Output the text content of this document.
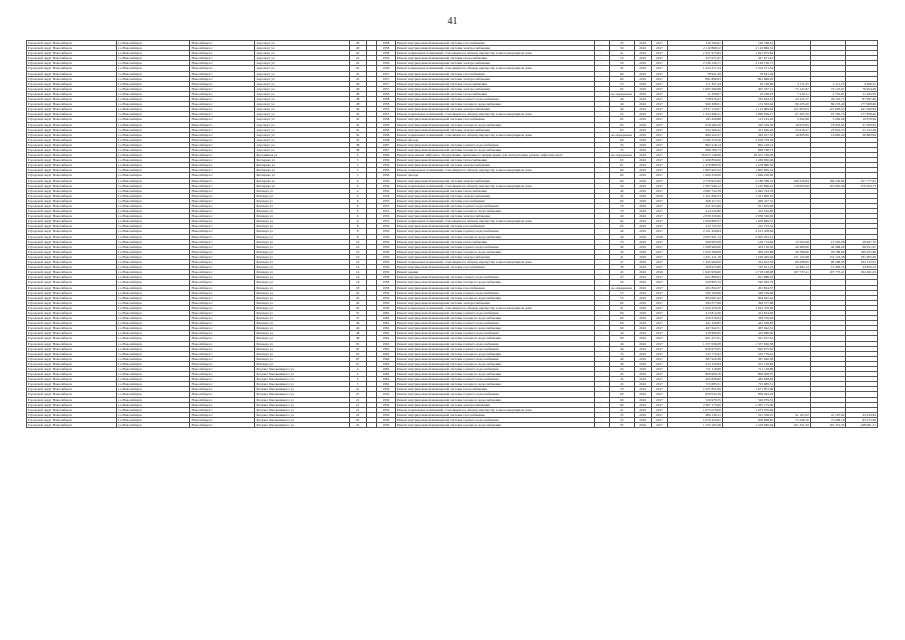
41
Городской округ Новосибирск	г.о.Новосибирск	Новосибирск г	Аэропорт ул	20		1958	Ремонт внутридомовой инженерной системы газоснабжения	-	25	2016	2017	126 766,61	126 766,61			
Городской округ Новосибирск	г.о.Новосибирск	Новосибирск г	Аэропорт ул	20		1958	Ремонт внутридомовой инженерной системы электроснабжения	-	50	2016	2017	2 110 868,52	2 110 868,52			
Городской округ Новосибирск	г.о.Новосибирск	Новосибирск г	Аэропорт ул	20		1958	Ремонт подвальных помещений, относящихся к общему имуществу в многоквартирном доме	-	41	2016	2017	1 921 975,84	1 921 975,84			
Городской округ Новосибирск	г.о.Новосибирск	Новосибирск г	Аэропорт ул	22		1956	Ремонт внутридомовой инженерной системы теплоснабжения	-	70	2016	2017	327 671,67	327 671,67			
Городской округ Новосибирск	г.о.Новосибирск	Новосибирск г	Аэропорт ул	22		1956	Ремонт внутридомовой инженерной системы электроснабжения	-	50	2016	2017	2 126 136,71	2 126 136,71			
Городской округ Новосибирск	г.о.Новосибирск	Новосибирск г	Аэропорт ул	22		1956	Ремонт подвальных помещений, относящихся к общему имуществу в многоквартирном доме	-	45	2016	2017	1 254 271,34	1 254 271,34			
Городской округ Новосибирск	г.о.Новосибирск	Новосибирск г	Аэропорт ул	25		1957	Ремонт внутридомовой инженерной системы газоснабжения	-	60	2016	2017	78 941,49	78 941,49			
Городской округ Новосибирск	г.о.Новосибирск	Новосибирск г	Аэропорт ул	25		1957	Ремонт внутридомовой инженерной системы электроснабжения	-	60	2016	2017	891 899,93	891 899,93			
Городской округ Новосибирск	г.о.Новосибирск	Новосибирск г	Аэропорт ул	26		1957	Ремонт внутридомовой инженерной системы теплоснабжения	-	55	2016	2017	171 307,44	26 726,09	2 111,25	2 111,25	4 296,25
Городской округ Новосибирск	г.о.Новосибирск	Новосибирск г	Аэропорт ул	26		1957	Ремонт внутридомовой инженерной системы электроснабжения	-	65	2016	2017	1 665 566,88	407 437,12	75 147,67	75 147,67	76 954,09
Городской округ Новосибирск	г.о.Новосибирск	Новосибирск г	Аэропорт ул	28		1958	Ремонт внутридомовой инженерной системы теплоснабжения	-	не определена	2016	2017	11 458,07	10 238,01	7 210,11	2 701,61	11 495,29
Городской округ Новосибирск	г.о.Новосибирск	Новосибирск г	Аэропорт ул	28		1958	Ремонт внутридомовой инженерной системы горячего водоснабжения	-	40	2016	2017	758 676,43	335 624,52	44 125,77	43 125,77	87 997,66
Городской округ Новосибирск	г.о.Новосибирск	Новосибирск г	Аэропорт ул	28		1958	Ремонт внутридомовой инженерной системы холодного водоснабжения	-	40	2016	2017	966 398,01	131 363,04	80 233,20	80 233,20	177 908,96
Городской округ Новосибирск	г.о.Новосибирск	Новосибирск г	Аэропорт ул	30		1955	Ремонт внутридомовой инженерной системы электроснабжения	-	40	2016	2017	2 817 119,07	1 112 669,63	121 603,03	121 603,03	241 260,84
Городской округ Новосибирск	г.о.Новосибирск	Новосибирск г	Аэропорт ул	30		1955	Ремонт подвальных помещений, относящихся к общему имуществу в многоквартирном доме	-	25	2016	2017	1 454 296,31	1 096 959,27	67 265,70	67 265,70	177 858,40
Городской округ Новосибирск	г.о.Новосибирск	Новосибирск г	Аэропорт ул	32		1958	Ремонт внутридомовой инженерной системы газоснабжения	-	65	2016	2017	185 456,88	115 191,26	5 292,96	5 292,96	10 679,64
Городской округ Новосибирск	г.о.Новосибирск	Новосибирск г	Аэропорт ул	32		1958	Ремонт внутридомовой инженерной системы холодного водоснабжения	-	65	2016	2017	818 266,30	320 529,36	18 933,65	18 933,65	37 200,63
Городской округ Новосибирск	г.о.Новосибирск	Новосибирск г	Аэропорт ул	32		1958	Ремонт внутридомовой инженерной системы электроснабжения	-	65	2016	2017	452 590,42	321 026,20	23 616,27	23 616,27	51 122,29
Городской округ Новосибирск	г.о.Новосибирск	Новосибирск г	Аэропорт ул	32		1958	Ремонт подвальных помещений, относящихся к общему имуществу в многоквартирном доме	-	не определена	2016	2017	869 222,27	264 917,33	16 895,00	16 895,00	30 882,94
Городской округ Новосибирск	г.о.Новосибирск	Новосибирск г	Аэропорт ул	34		1958	Ремонт фасада	-	60	2016	2017	2 209 379,56	2 209 379,56			
Городской округ Новосибирск	г.о.Новосибирск	Новосибирск г	Аэропорт ул	38		1967	Ремонт внутридомовой инженерной системы горячего водоснабжения	-	35	2016	2017	862 218,14	862 218,14			
Городской округ Новосибирск	г.о.Новосибирск	Новосибирск г	Аэропорт ул	38		1967	Ремонт внутридомовой инженерной системы холодного водоснабжения	-	35	2016	2017	668 766,73	668 766,73			
Городской округ Новосибирск	г.о.Новосибирск	Новосибирск г	Бесединная ул	4		1969	Ремонт или замена лифтового оборудования, признанного непригодным для эксплуатации, ремонт лифтовых шахт	-	не определена	2016	2017	26 672 749,09	26 672 749,09			
Городской округ Новосибирск	г.о.Новосибирск	Новосибирск г	Бехтерева ул	3		1956	Ремонт внутридомовой инженерной системы теплоснабжения	-	63	2016	2017	1 269 850,00	1 269 850,00			
Городской округ Новосибирск	г.о.Новосибирск	Новосибирск г	Бехтерева ул	3		1956	Ремонт внутридомовой инженерной системы электроснабжения	-	61	2016	2017	1 478 880,56	1 478 880,56			
Городской округ Новосибирск	г.о.Новосибирск	Новосибирск г	Бехтерева ул	3		1956	Ремонт подвальных помещений, относящихся к общему имуществу в многоквартирном доме	-	60	2016	2017	1 805 965,52	1 805 965,52			
Городской округ Новосибирск	г.о.Новосибирск	Новосибирск г	Бехтерева ул	5		1958	Ремонт фасада	-	60	2016	2017	1 969 250,00	1 969 250,00			
Городской округ Новосибирск	г.о.Новосибирск	Новосибирск г	Бехтерева ул	9		1959	Ремонт внутридомовой инженерной системы электроснабжения	-	60	2016	2017	2 779 625,00	2 186 596,19	166 230,84	166 230,84	321 777,61
Городской округ Новосибирск	г.о.Новосибирск	Новосибирск г	Бехтерева ул	9		1959	Ремонт подвальных помещений, относящихся к общему имуществу в многоквартирном доме	-	50	2016	2017	1 997 946,12	1 210 896,02	119 065,99	119 065,99	278 504,73
Городской округ Новосибирск	г.о.Новосибирск	Новосибирск г	Блюхера ул	4		1954	Ремонт внутридомовой инженерной системы теплоснабжения	-	40	2016	2017	2 662 744,78	2 662 744,78			
Городской округ Новосибирск	г.о.Новосибирск	Новосибирск г	Блюхера ул	4		1954	Ремонт внутридомовой инженерной системы электроснабжения	-	45	2016	2016	1 421 896,33	1 421 896,33			
Городской округ Новосибирск	г.о.Новосибирск	Новосибирск г	Блюхера ул	6		1955	Ремонт внутридомовой инженерной системы газоснабжения	-	60	2016	2017	206 417,31	206 417,31			
Городской округ Новосибирск	г.о.Новосибирск	Новосибирск г	Блюхера ул	6		1955	Ремонт внутридомовой инженерной системы горячего водоснабжения	-	70	2016	2017	611 955,66	611 955,66			
Городской округ Новосибирск	г.о.Новосибирск	Новосибирск г	Блюхера ул	6		1955	Ремонт внутридомовой инженерной системы холодного водоснабжения	-	70	2016	2017	414 545,80	414 545,80			
Городской округ Новосибирск	г.о.Новосибирск	Новосибирск г	Блюхера ул	6		1955	Ремонт внутридомовой инженерной системы электроснабжения	-	40	2016	2017	2 058 326,96	2 058 326,96			
Городской округ Новосибирск	г.о.Новосибирск	Новосибирск г	Блюхера ул	6		1955	Ремонт подвальных помещений, относящихся к общему имуществу в многоквартирном доме	-	62	2016	2017	1 659 869,57	1 659 869,57			
Городской округ Новосибирск	г.о.Новосибирск	Новосибирск г	Блюхера ул	8		1959	Ремонт внутридомовой инженерной системы газоснабжения	-	65	2016	2017	212 723,32	212 723,32			
Городской округ Новосибирск	г.о.Новосибирск	Новосибирск г	Блюхера ул	8		1959	Ремонт внутридомовой инженерной системы горячего водоснабжения	-	40	2016	2017	2 101 458,84	2 101 458,84			
Городской округ Новосибирск	г.о.Новосибирск	Новосибирск г	Блюхера ул	8		1959	Ремонт внутридомовой инженерной системы холодного водоснабжения	-	40	2016	2016	2 005 201,14	2 005 201,14			
Городской округ Новосибирск	г.о.Новосибирск	Новосибирск г	Блюхера ул	10		1959	Ремонт внутридомовой инженерной системы теплоснабжения	-	70	2016	2017	269 995,08	156 714,82	12 565,08	12 565,08	28 467,70
Городской округ Новосибирск	г.о.Новосибирск	Новосибирск г	Блюхера ул	10		1959	Ремонт внутридомовой инженерной системы горячего водоснабжения	-	40	2016	2017	1 008 960,60	454 156,30	40 489,00	40 489,00	66 951,67
Городской округ Новосибирск	г.о.Новосибирск	Новосибирск г	Блюхера ул	10		1959	Ремонт внутридомовой инженерной системы холодного водоснабжения	-	30	2016	2017	1 022 399,69	409 235,88	29 786,60	29 786,60	189 205,86
Городской округ Новосибирск	г.о.Новосибирск	Новосибирск г	Блюхера ул	10		1959	Ремонт внутридомовой инженерной системы электроснабжения	-	41	2016	2017	1 451 411,18	1 196 405,04	131 123,48	131 123,48	181 605,09
Городской округ Новосибирск	г.о.Новосибирск	Новосибирск г	Блюхера ул	10		1959	Ремонт подвальных помещений, относящихся к общему имуществу в многоквартирном доме	-	47	2016	2017	1 455 900,00	254 812,56	99 268,95	99 268,95	194 135,91
Городской округ Новосибирск	г.о.Новосибирск	Новосибирск г	Блюхера ул	14		1959	Ремонт внутридомовой инженерной системы газоснабжения	-	30	2016	2017	209 975,89	167 611,10	12 483,14	12 483,14	24 850,52
Городской округ Новосибирск	г.о.Новосибирск	Новосибирск г	Блюхера ул	14		1959	Ремонт крыши	-	43	2016	2016	1 945 956,60	1 718 168,98	107 737,41	107 737,41	164 261,25
Городской округ Новосибирск	г.о.Новосибирск	Новосибирск г	Блюхера ул	16		1958	Ремонт внутридомовой инженерной системы горячего водоснабжения	-	25	2016	2017	621 886,03	621 886,03			
Городской округ Новосибирск	г.о.Новосибирск	Новосибирск г	Блюхера ул	16		1958	Ремонт внутридомовой инженерной системы холодного водоснабжения	-	20	2016	2017	520 963,79	520 963,79			
Городской округ Новосибирск	г.о.Новосибирск	Новосибирск г	Блюхера ул	18		1958	Ремонт внутридомовой инженерной системы газоснабжения	-	не определена	2016	2017	201 824,37	201 824,37			
Городской округ Новосибирск	г.о.Новосибирск	Новосибирск г	Блюхера ул	20		1959	Ремонт внутридомовой инженерной системы горячего водоснабжения	-	55	2016	2017	566 109,66	566 109,66			
Городской округ Новосибирск	г.о.Новосибирск	Новосибирск г	Блюхера ул	20		1959	Ремонт внутридомовой инженерной системы холодного водоснабжения	-	55	2016	2017	804 067,42	804 067,42			
Городской округ Новосибирск	г.о.Новосибирск	Новосибирск г	Блюхера ул	20		1959	Ремонт внутридомовой инженерной системы электроснабжения	-	60	2016	2017	394 577,68	394 577,68			
Городской округ Новосибирск	г.о.Новосибирск	Новосибирск г	Блюхера ул	20		1959	Ремонт подвальных помещений, относящихся к общему имуществу в многоквартирном доме	-	51	2016	2017	1 022 470,56	1 022 470,56			
Городской округ Новосибирск	г.о.Новосибирск	Новосибирск г	Блюхера ул	37		1962	Ремонт внутридомовой инженерной системы горячего водоснабжения	-	60	2016	2017	413 814,36	413 814,36			
Городской округ Новосибирск	г.о.Новосибирск	Новосибирск г	Блюхера ул	37		1962	Ремонт внутридомовой инженерной системы холодного водоснабжения	-	60	2016	2017	356 576,94	356 576,94			
Городской округ Новосибирск	г.о.Новосибирск	Новосибирск г	Блюхера ул	46		1962	Ремонт внутридомовой инженерной системы горячего водоснабжения	-	60	2016	2017	441 328,85	441 328,85			
Городской округ Новосибирск	г.о.Новосибирск	Новосибирск г	Блюхера ул	46		1962	Ремонт внутридомовой инженерной системы холодного водоснабжения	-	60	2016	2017	467 642,51	467 642,51			
Городской округ Новосибирск	г.о.Новосибирск	Новосибирск г	Блюхера ул	48		1962	Ремонт внутридомовой инженерной системы горячего водоснабжения	-	40	2016	2017	419 980,00	419 980,00			
Городской округ Новосибирск	г.о.Новосибирск	Новосибирск г	Блюхера ул	48		1962	Ремонт внутридомовой инженерной системы холодного водоснабжения	-	60	2016	2017	921 257,61	921 257,61			
Городской округ Новосибирск	г.о.Новосибирск	Новосибирск г	Блюхера ул	63		1963	Ремонт внутридомовой инженерной системы горячего водоснабжения	-	46	2016	2017	1 357 636,58	1 357 636,58			
Городской округ Новосибирск	г.о.Новосибирск	Новосибирск г	Блюхера ул	63		1963	Ремонт внутридомовой инженерной системы горячего водоснабжения	-	40	2016	2017	826 675,65	826 675,65			
Городской округ Новосибирск	г.о.Новосибирск	Новосибирск г	Блюхера ул	63		1963	Ремонт внутридомовой инженерной системы холодного водоснабжения	-	35	2016	2017	532 779,42	532 779,42			
Городской округ Новосибирск	г.о.Новосибирск	Новосибирск г	Блюхера ул	67		1964	Ремонт внутридомовой инженерной системы горячего водоснабжения	-	46	2016	2017	367 926,38	367 926,38			
Городской округ Новосибирск	г.о.Новосибирск	Новосибирск г	Блюхера ул	67		1964	Ремонт внутридомовой инженерной системы холодного водоснабжения	-	46	2016	2017	415 150,84	415 150,84			
Городской округ Новосибирск	г.о.Новосибирск	Новосибирск г	Богдана Хмельницкого ул	4		1962	Ремонт внутридомовой инженерной системы горячего водоснабжения	-	45	2016	2017	711 118,89	711 118,89			
Городской округ Новосибирск	г.о.Новосибирск	Новосибирск г	Богдана Хмельницкого ул	4		1962	Ремонт внутридомовой инженерной системы холодного водоснабжения	-	45	2016	2017	809 909,70	809 909,70			
Городской округ Новосибирск	г.о.Новосибирск	Новосибирск г	Богдана Хмельницкого ул	5		1962	Ремонт внутридомовой инженерной системы горячего водоснабжения	-	45	2016	2017	465 828,66	465 828,66			
Городской округ Новосибирск	г.о.Новосибирск	Новосибирск г	Богдана Хмельницкого ул	5		1962	Ремонт внутридомовой инженерной системы холодного водоснабжения	-	45	2016	2017	725 685,51	725 685,51			
Городской округ Новосибирск	г.о.Новосибирск	Новосибирск г	Богдана Хмельницкого ул	21		1959	Ремонт внутридомовой инженерной системы теплоснабжения	-	70	2016	2017	1 671 851,99	1 671 851,99			
Городской округ Новосибирск	г.о.Новосибирск	Новосибирск г	Богдана Хмельницкого ул	21		1959	Ремонт внутридомовой инженерной системы горячего водоснабжения	-	60	2016	2017	839 044,19	839 044,19			
Городской округ Новосибирск	г.о.Новосибирск	Новосибирск г	Богдана Хмельницкого ул	21		1959	Ремонт внутридомовой инженерной системы холодного водоснабжения	-	60	2016	2017	526 979,35	526 979,35			
Городской округ Новосибирск	г.о.Новосибирск	Новосибирск г	Богдана Хмельницкого ул	21		1959	Ремонт внутридомовой инженерной системы электроснабжения	-	60	2016	2017	2 397 175,00	2 397 175,00			
Городской округ Новосибирск	г.о.Новосибирск	Новосибирск г	Богдана Хмельницкого ул	21		1959	Ремонт подвальных помещений, относящихся к общему имуществу в многоквартирном доме	-	41	2016	2017	1 675 070,00	1 675 070,00			
Городской округ Новосибирск	г.о.Новосибирск	Новосибирск г	Богдана Хмельницкого ул	22		1959	Ремонт внутридомовой инженерной системы газоснабжения	-	35	2016	2017	606 136,11	521 358,25	41 167,02	41 167,02	43 610,84
Городской округ Новосибирск	г.о.Новосибирск	Новосибирск г	Богдана Хмельницкого ул	22		1959	Ремонт внутридомовой инженерной системы горячего водоснабжения	-	35	2016	2017	1 070 424,91	909 868,85	75 296,10	75 296,10	85 275,96
Городской округ Новосибирск	г.о.Новосибирск	Новосибирск г	Богдана Хмельницкого ул	22		1959	Ремонт внутридомовой инженерной системы холодного водоснабжения	-	35	2016	2017	1 723 165,46	1 418 990,94	101 351,50	101 351,50	248 991,51
